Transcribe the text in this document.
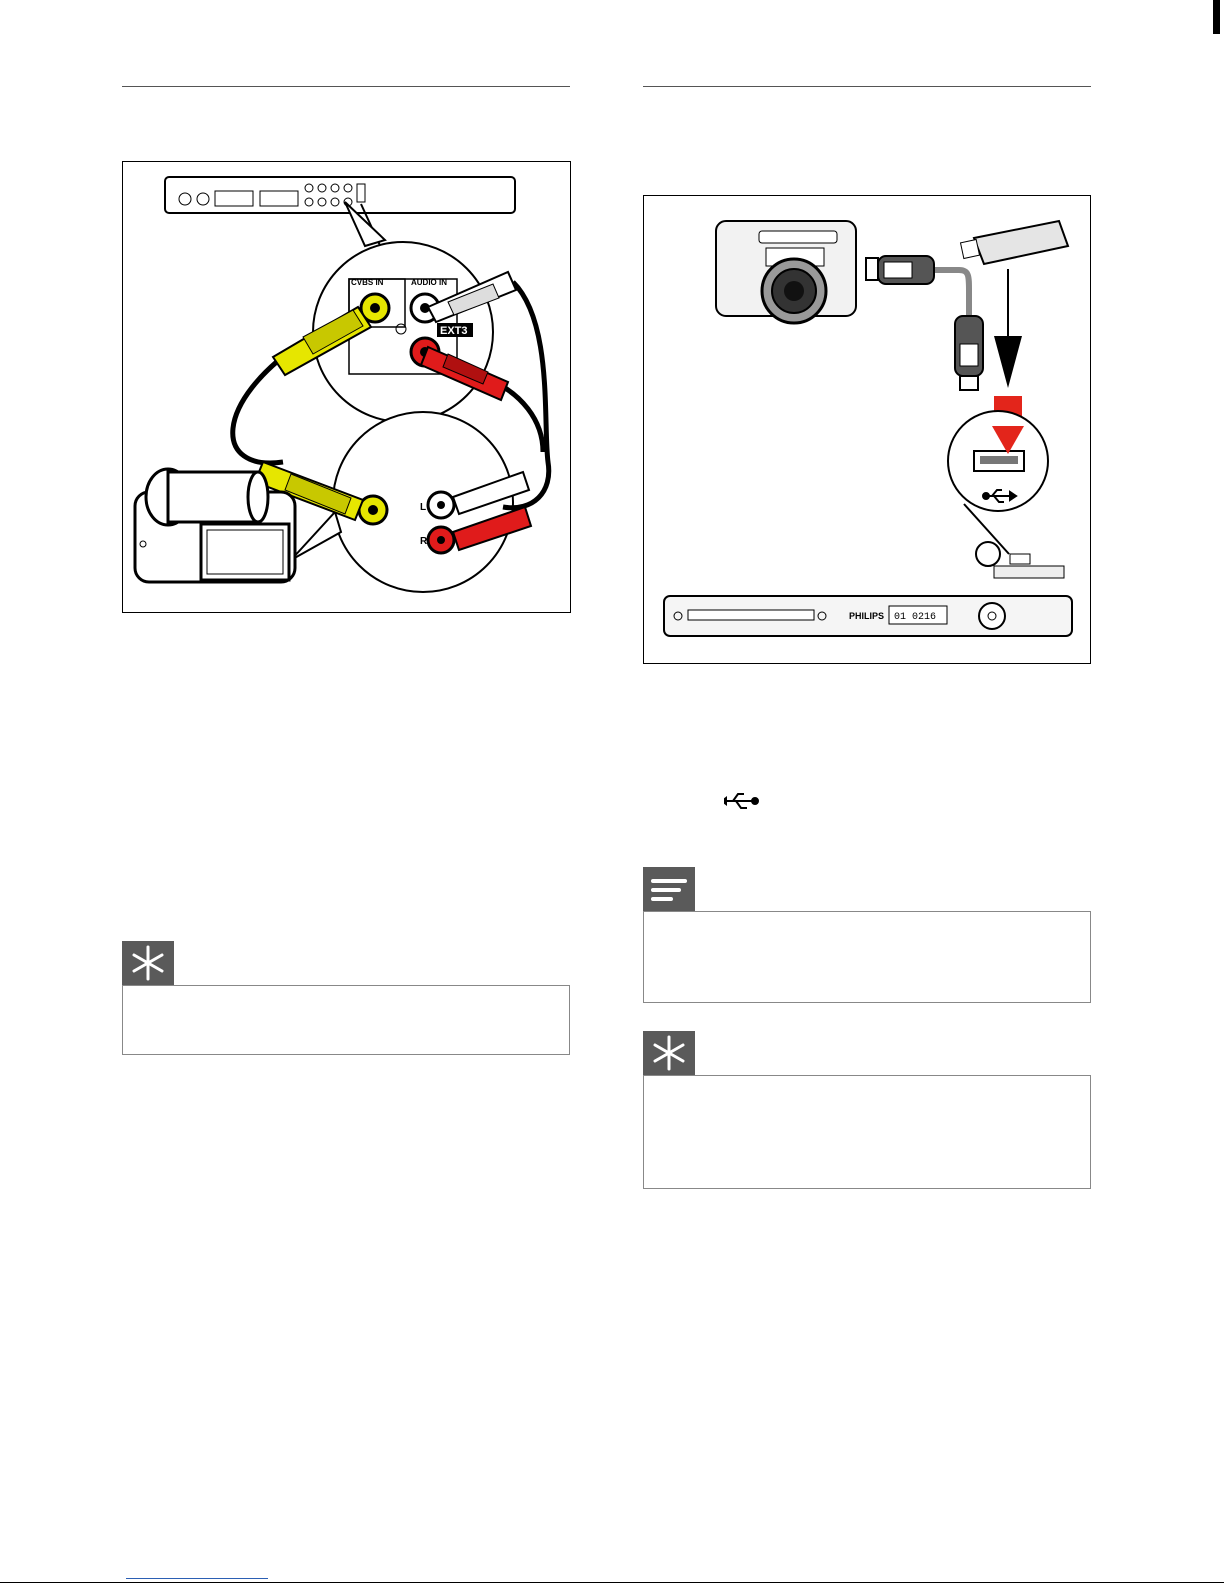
CVBS IN	AUDIO IN
EXT3
L
R
PHILIPS 01 0216
